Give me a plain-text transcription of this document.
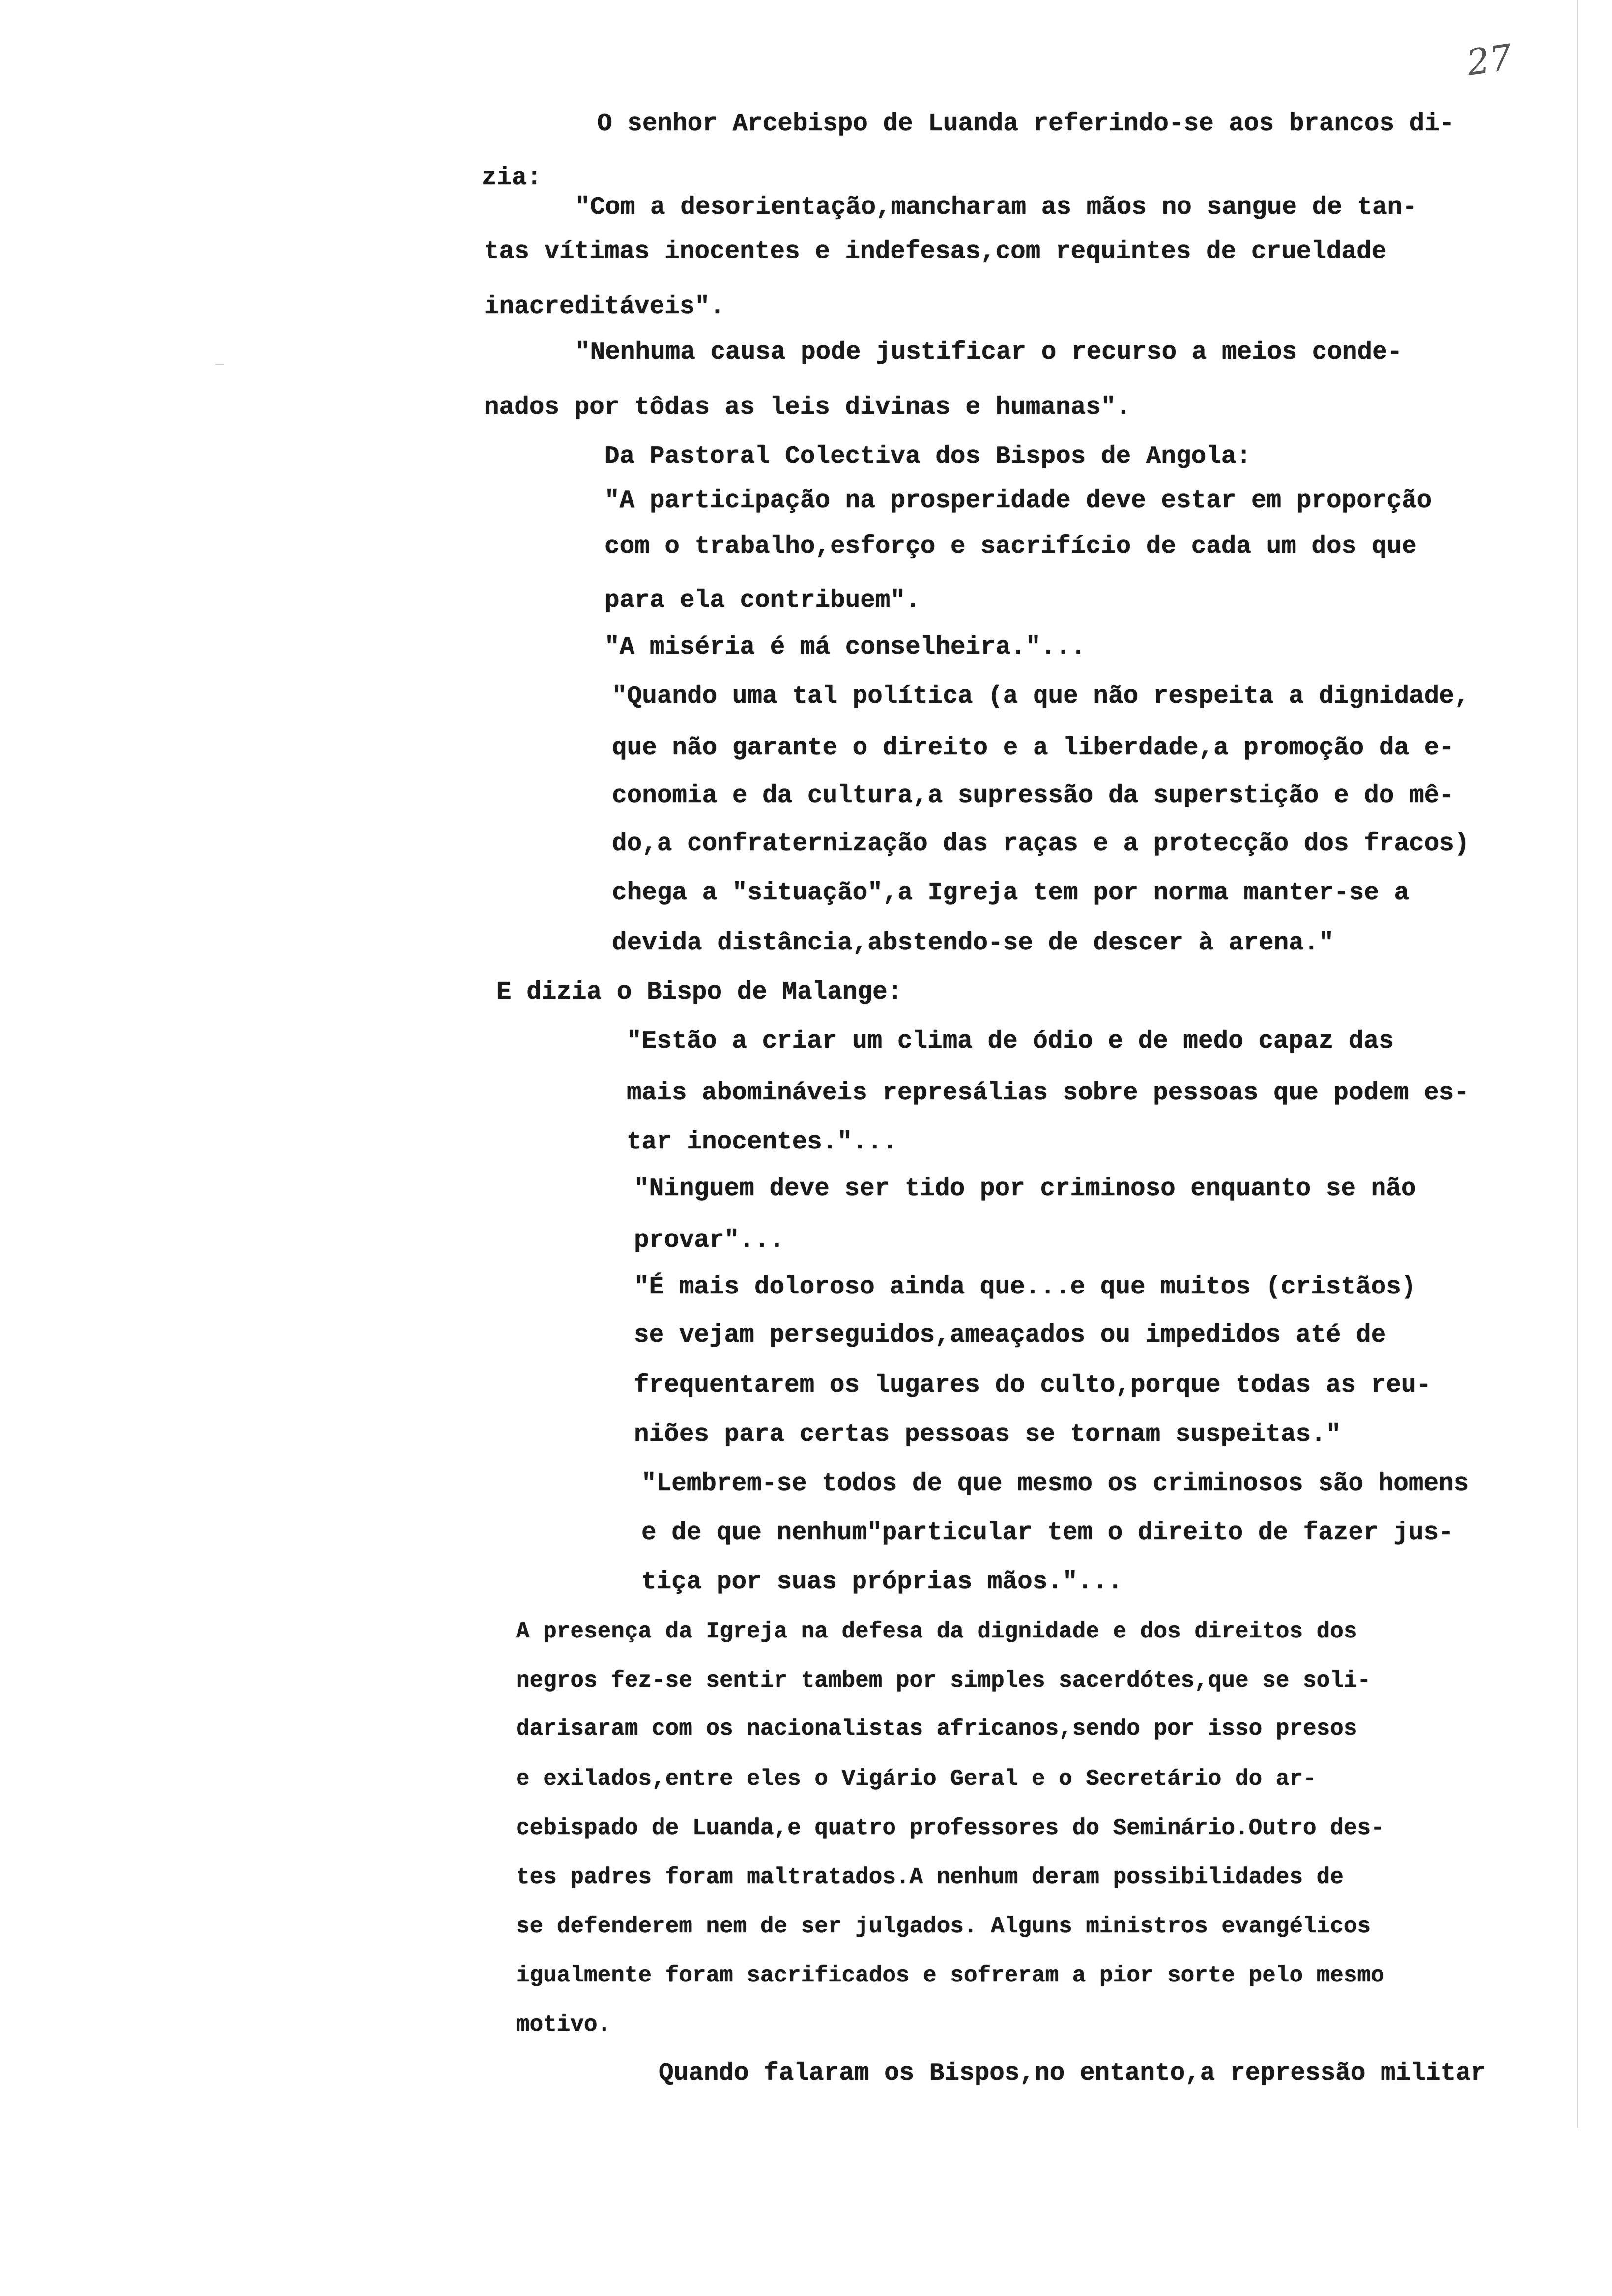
27
O senhor Arcebispo de Luanda referindo-se aos brancos di-
zia:
"Com a desorientação,mancharam as mãos no sangue de tan-
tas vítimas inocentes e indefesas,com requintes de crueldade
inacreditáveis".
"Nenhuma causa pode justificar o recurso a meios conde-
nados por tôdas as leis divinas e humanas".
Da Pastoral Colectiva dos Bispos de Angola:
"A participação na prosperidade deve estar em proporção
com o trabalho,esforço e sacrifício de cada um dos que
para ela contribuem".
"A miséria é má conselheira."...
"Quando uma tal política (a que não respeita a dignidade,
que não garante o direito e a liberdade,a promoção da e-
conomia e da cultura,a supressão da superstição e do mê-
do,a confraternização das raças e a protecção dos fracos)
chega a "situação",a Igreja tem por norma manter-se a
devida distância,abstendo-se de descer à arena."
E dizia o Bispo de Malange:
"Estão a criar um clima de ódio e de medo capaz das
mais abomináveis represálias sobre pessoas que podem es-
tar inocentes."...
"Ninguem deve ser tido por criminoso enquanto se não
provar"...
"É mais doloroso ainda que...e que muitos (cristãos)
se vejam perseguidos,ameaçados ou impedidos até de
frequentarem os lugares do culto,porque todas as reu-
niões para certas pessoas se tornam suspeitas."
"Lembrem-se todos de que mesmo os criminosos são homens
e de que nenhum"particular tem o direito de fazer jus-
tiça por suas próprias mãos."...
A presença da Igreja na defesa da dignidade e dos direitos dos
negros fez-se sentir tambem por simples sacerdótes,que se soli-
darisaram com os nacionalistas africanos,sendo por isso presos
e exilados,entre eles o Vigário Geral e o Secretário do ar-
cebispado de Luanda,e quatro professores do Seminário.Outro des-
tes padres foram maltratados.A nenhum deram possibilidades de
se defenderem nem de ser julgados. Alguns ministros evangélicos
igualmente foram sacrificados e sofreram a pior sorte pelo mesmo
motivo.
Quando falaram os Bispos,no entanto,a repressão militar
